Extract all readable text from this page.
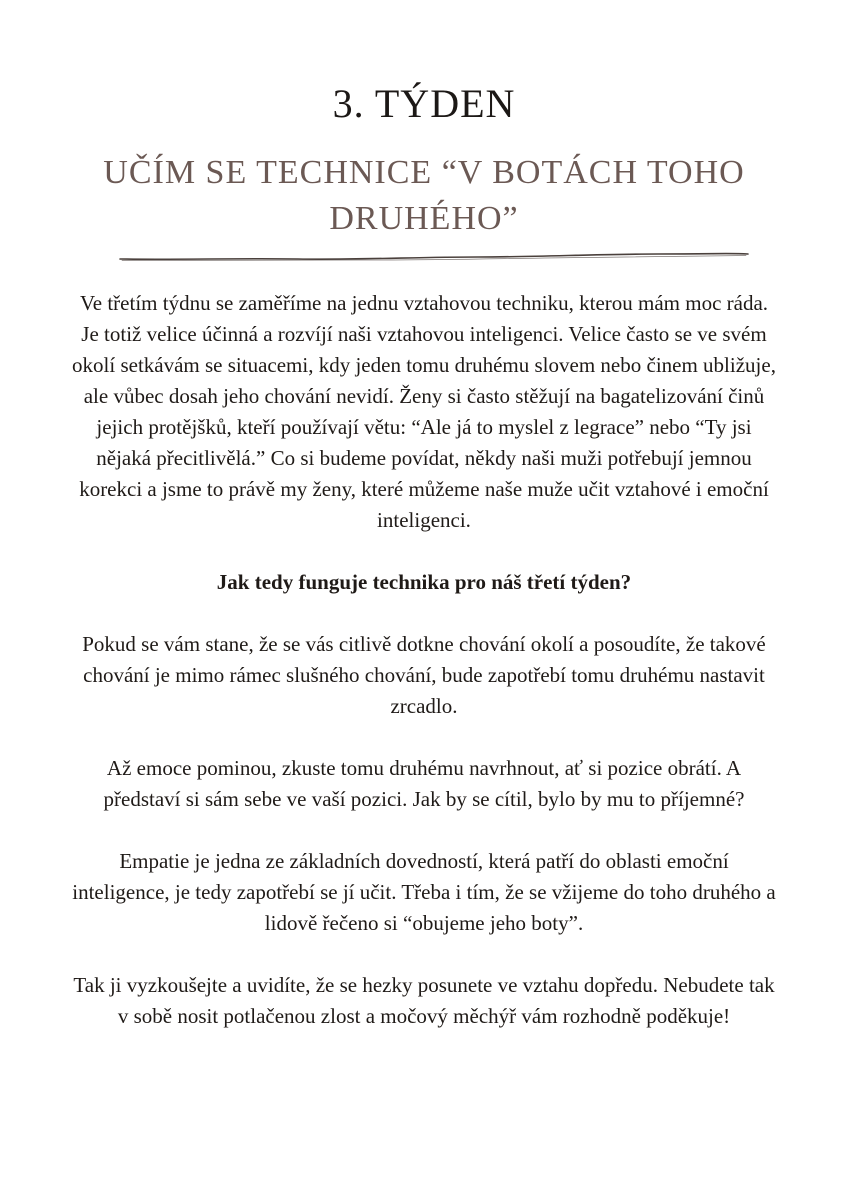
3. TÝDEN
UČÍM SE TECHNICE “V BOTÁCH TOHO DRUHÉHO”

Ve třetím týdnu se zaměříme na jednu vztahovou techniku, kterou mám moc ráda. Je totiž velice účinná a rozvíjí naši vztahovou inteligenci. Velice často se ve svém okolí setkávám se situacemi, kdy jeden tomu druhému slovem nebo činem ubližuje, ale vůbec dosah jeho chování nevidí. Ženy si často stěžují na bagatelizování činů jejich protějšků, kteří používají větu: “Ale já to myslel z legrace” nebo “Ty jsi nějaká přecitlivělá.” Co si budeme povídat, někdy naši muži potřebují jemnou korekci a jsme to právě my ženy, které můžeme naše muže učit vztahové i emoční inteligenci.

Jak tedy funguje technika pro náš třetí týden?

Pokud se vám stane, že se vás citlivě dotkne chování okolí a posoudíte, že takové chování je mimo rámec slušného chování, bude zapotřebí tomu druhému nastavit zrcadlo.

Až emoce pominou, zkuste tomu druhému navrhnout, ať si pozice obrátí. A představí si sám sebe ve vaší pozici. Jak by se cítil, bylo by mu to příjemné?

Empatie je jedna ze základních dovedností, která patří do oblasti emoční inteligence, je tedy zapotřebí se jí učit. Třeba i tím, že se vžijeme do toho druhého a lidově řečeno si “obujeme jeho boty”.

Tak ji vyzkoušejte a uvidíte, že se hezky posunete ve vztahu dopředu. Nebudete tak v sobě nosit potlačenou zlost a močový měchýř vám rozhodně poděkuje!
